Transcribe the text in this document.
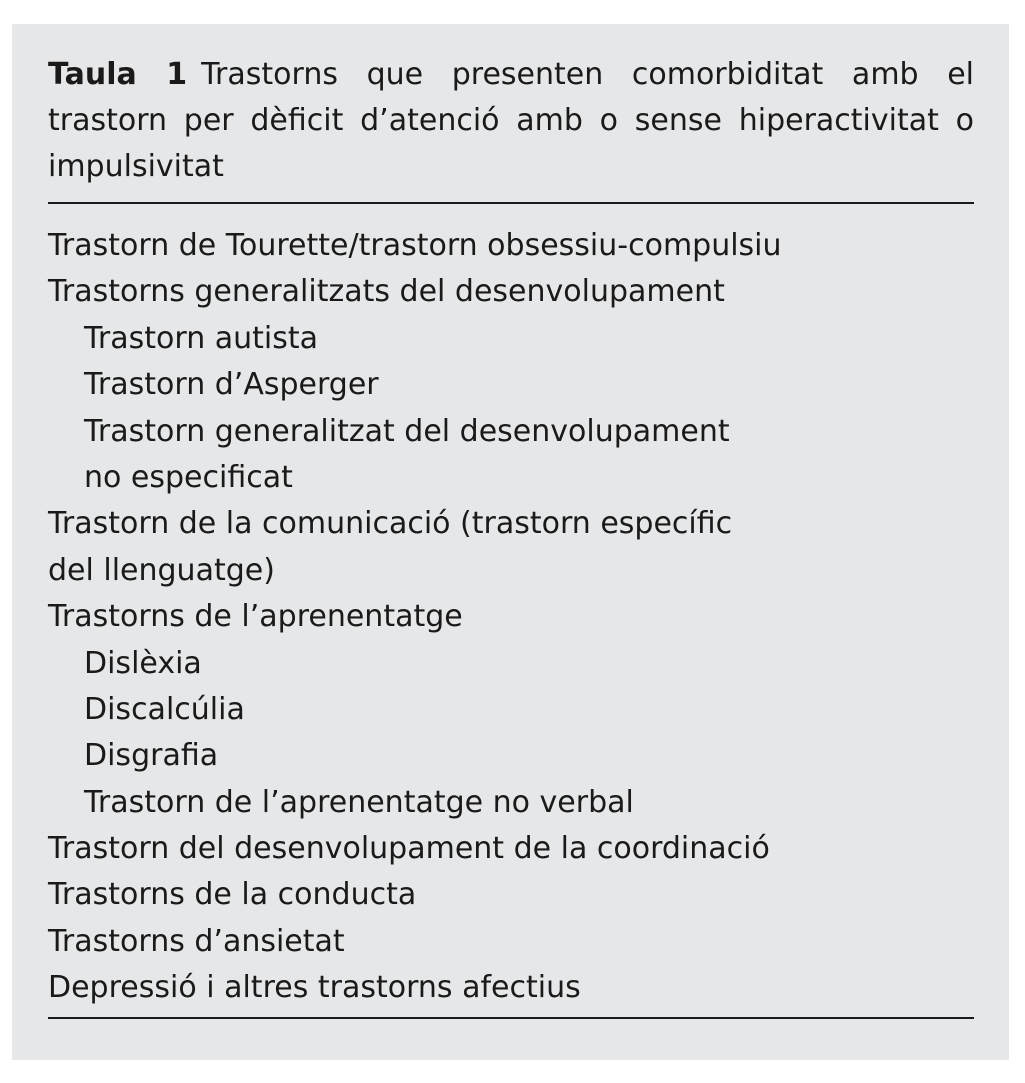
Taula 1 Trastorns que presenten comorbiditat amb el trastorn per dèficit d’atenció amb o sense hiperactivitat o impulsivitat

Trastorn de Tourette/trastorn obsessiu-compulsiu
Trastorns generalitzats del desenvolupament
Trastorn autista
Trastorn d’Asperger
Trastorn generalitzat del desenvolupament
no especificat
Trastorn de la comunicació (trastorn específic
del llenguatge)
Trastorns de l’aprenentatge
Dislèxia
Discalcúlia
Disgrafia
Trastorn de l’aprenentatge no verbal
Trastorn del desenvolupament de la coordinació
Trastorns de la conducta
Trastorns d’ansietat
Depressió i altres trastorns afectius
